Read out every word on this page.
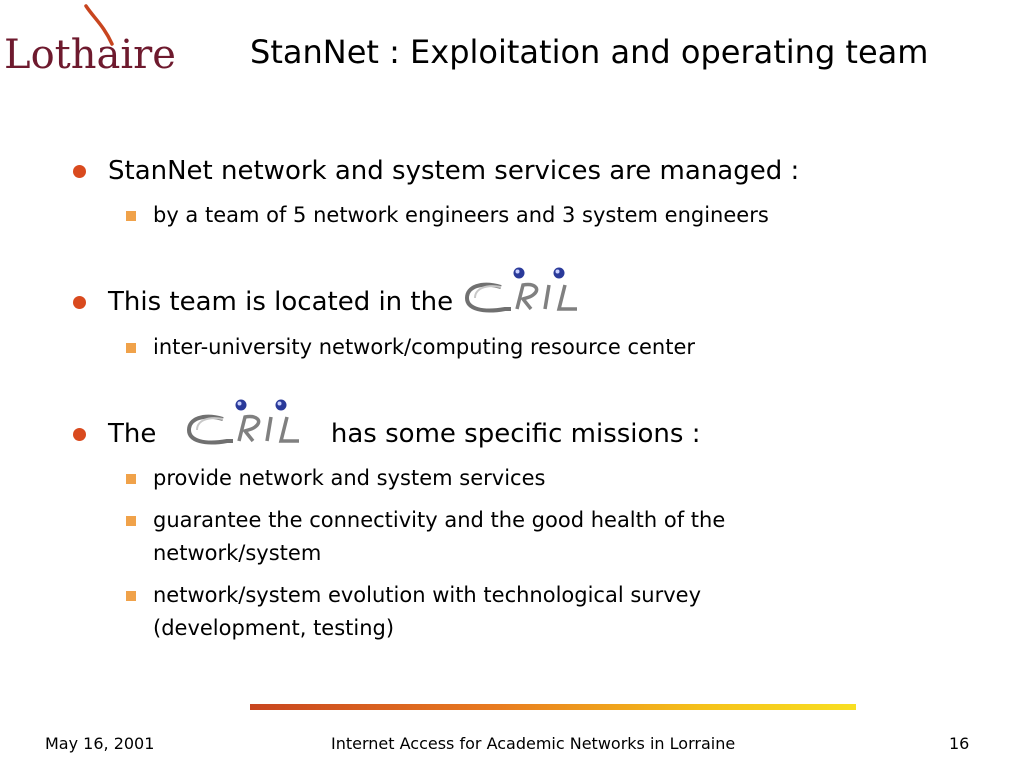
Lothaire StanNet : Exploitation and operating team
StanNet network and system services are managed :
by a team of 5 network engineers and 3 system engineers
This team is located in the
inter-university network/computing resource center
The	has some specific missions :
provide network and system services
guarantee the connectivity and the good health of the network/system
network/system evolution with technological survey (development, testing)
May 16, 2001	Internet Access for Academic Networks in Lorraine	16
